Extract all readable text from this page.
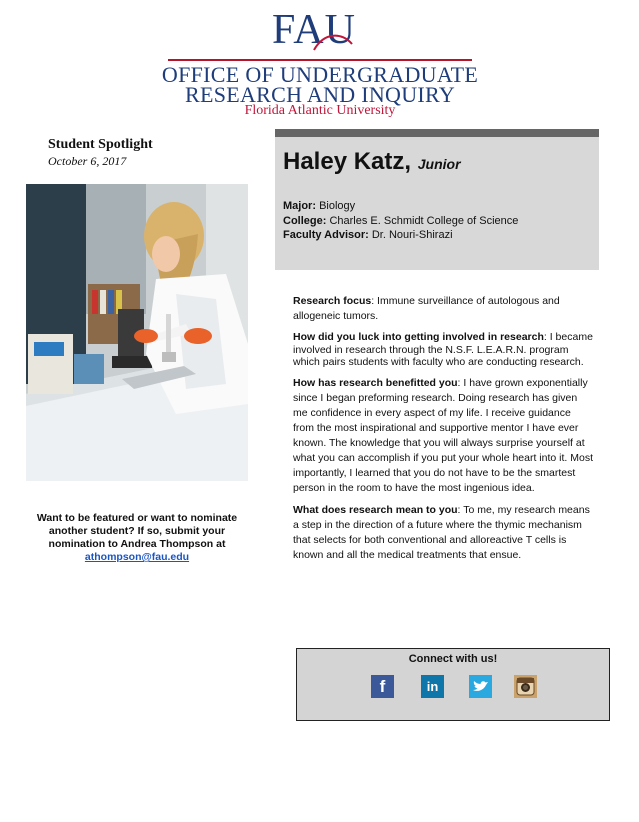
FAU
OFFICE OF UNDERGRADUATE
RESEARCH AND INQUIRY
Florida Atlantic University
Student Spotlight
October 6, 2017
Want to be featured or want to nominate another student? If so, submit your nomination to Andrea Thompson at athompson@fau.edu
Haley Katz, Junior
Major: Biology
College: Charles E. Schmidt College of Science
Faculty Advisor: Dr. Nouri-Shirazi

Research focus: Immune surveillance of autologous and allogeneic tumors.

How did you luck into getting involved in research: I became involved in research through the N.S.F. L.E.A.R.N. program which pairs students with faculty who are conducting research.

How has research benefitted you: I have grown exponentially since I began preforming research. Doing research has given me confidence in every aspect of my life. I receive guidance from the most inspirational and supportive mentor I have ever known. The knowledge that you will always surprise yourself at what you can accomplish if you put your whole heart into it. Most importantly, I learned that you do not have to be the smartest person in the room to have the most ingenious idea.

What does research mean to you: To me, my research means a step in the direction of a future where the thymic mechanism that selects for both conventional and alloreactive T cells is known and all the medical treatments that ensue.

Connect with us!
f	in
